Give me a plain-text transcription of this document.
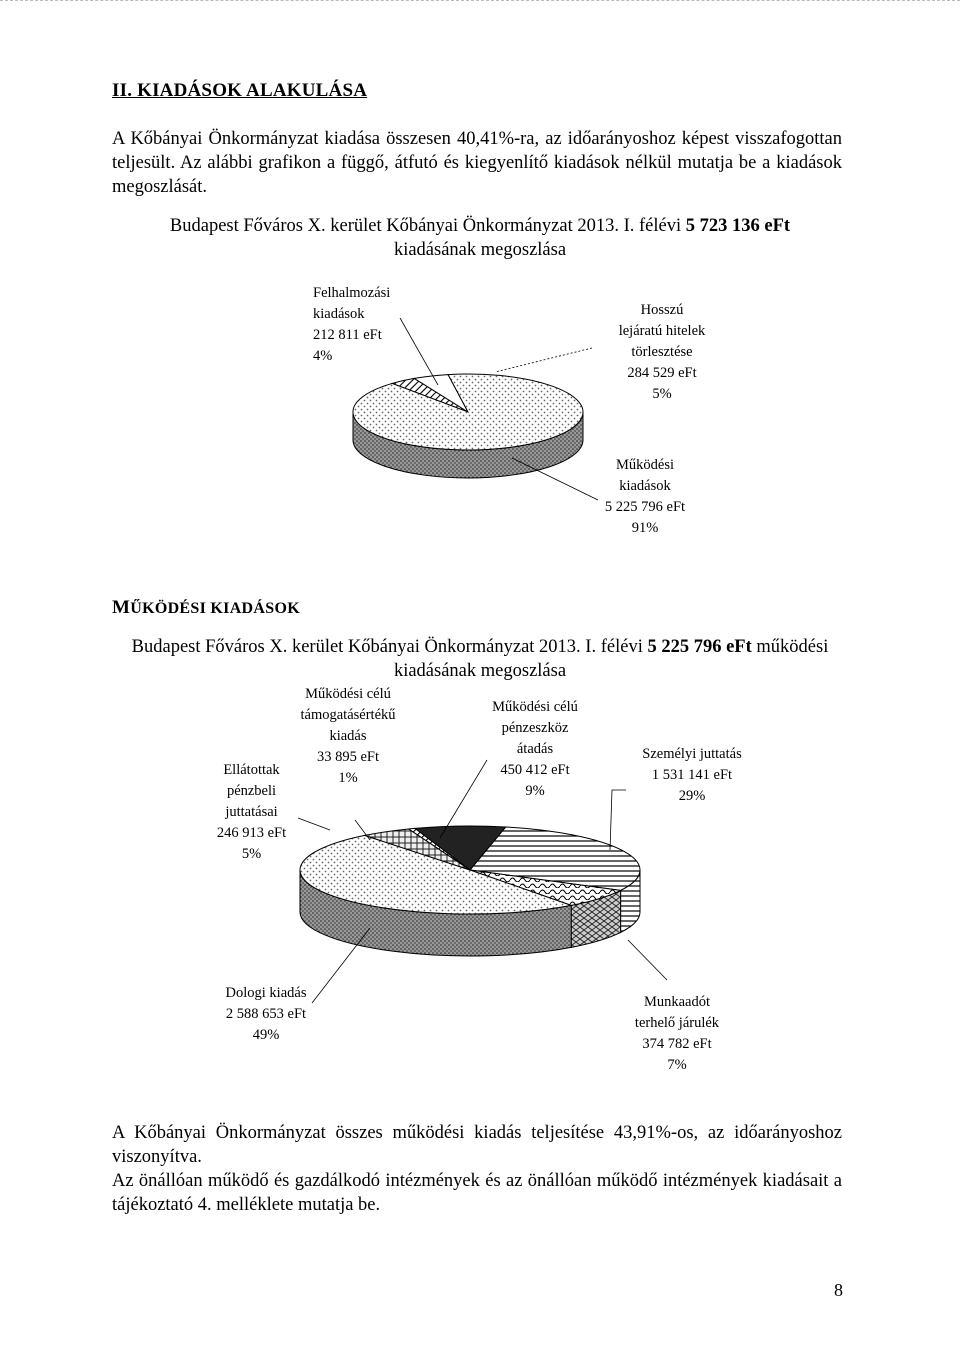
II. KIADÁSOK ALAKULÁSA
A Kőbányai Önkormányzat kiadása összesen 40,41%-ra, az időarányoshoz képest visszafogottan teljesült. Az alábbi grafikon a függő, átfutó és kiegyenlítő kiadások nélkül mutatja be a kiadások megoszlását.
Budapest Főváros X. kerület Kőbányai Önkormányzat 2013. I. félévi 5 723 136 eFt
kiadásának megoszlása
Felhalmozási
kiadások
212 811 eFt
4%
Hosszú
lejáratú hitelek
törlesztése
284 529 eFt
5%
Működési
kiadások
5 225 796 eFt
91%
MŰKÖDÉSI KIADÁSOK
Budapest Főváros X. kerület Kőbányai Önkormányzat 2013. I. félévi 5 225 796 eFt működési
kiadásának megoszlása
Működési célú
támogatásértékű
kiadás
33 895 eFt
1%
Működési célú
pénzeszköz
átadás
450 412 eFt
9%
Személyi juttatás
1 531 141 eFt
29%
Ellátottak
pénzbeli
juttatásai
246 913 eFt
5%
Dologi kiadás
2 588 653 eFt
49%
Munkaadót
terhelő járulék
374 782 eFt
7%
A Kőbányai Önkormányzat összes működési kiadás teljesítése 43,91%-os, az időarányoshoz viszonyítva.
Az önállóan működő és gazdálkodó intézmények és az önállóan működő intézmények kiadásait a tájékoztató 4. melléklete mutatja be.
8
